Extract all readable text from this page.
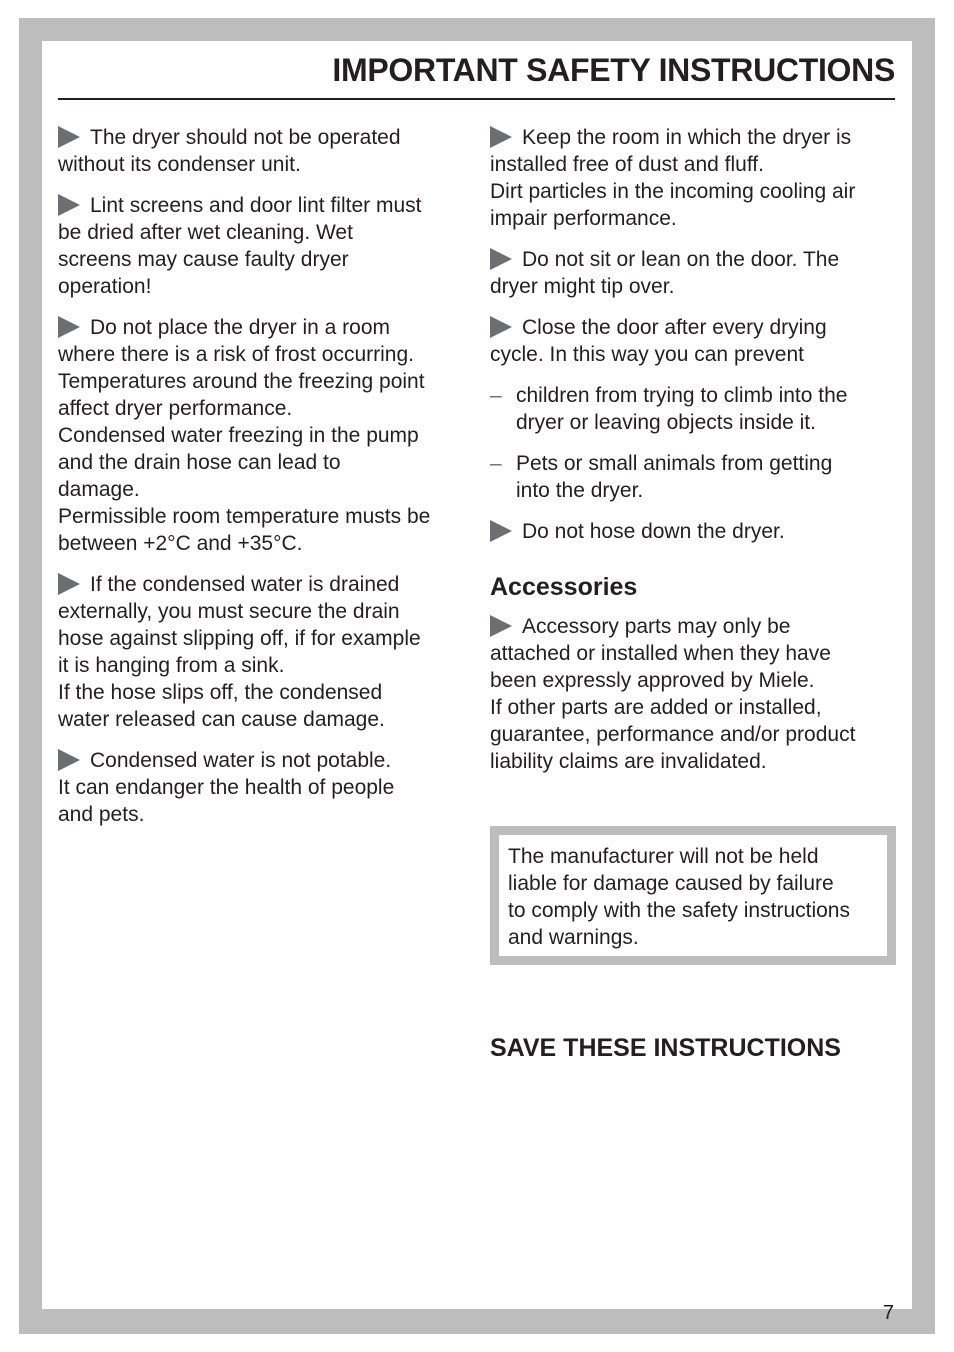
IMPORTANT SAFETY INSTRUCTIONS

The dryer should not be operated
without its condenser unit.

Lint screens and door lint filter must
be dried after wet cleaning. Wet
screens may cause faulty dryer
operation!

Do not place the dryer in a room
where there is a risk of frost occurring.
Temperatures around the freezing point
affect dryer performance.
Condensed water freezing in the pump
and the drain hose can lead to
damage.
Permissible room temperature musts be
between +2°C and +35°C.

If the condensed water is drained
externally, you must secure the drain
hose against slipping off, if for example
it is hanging from a sink.
If the hose slips off, the condensed
water released can cause damage.

Condensed water is not potable.
It can endanger the health of people
and pets.

Keep the room in which the dryer is
installed free of dust and fluff.
Dirt particles in the incoming cooling air
impair performance.

Do not sit or lean on the door. The
dryer might tip over.

Close the door after every drying
cycle. In this way you can prevent

– children from trying to climb into the
dryer or leaving objects inside it.
– Pets or small animals from getting
into the dryer.

Do not hose down the dryer.

Accessories

Accessory parts may only be
attached or installed when they have
been expressly approved by Miele.
If other parts are added or installed,
guarantee, performance and/or product
liability claims are invalidated.

The manufacturer will not be held
liable for damage caused by failure
to comply with the safety instructions
and warnings.
SAVE THESE INSTRUCTIONS
7
